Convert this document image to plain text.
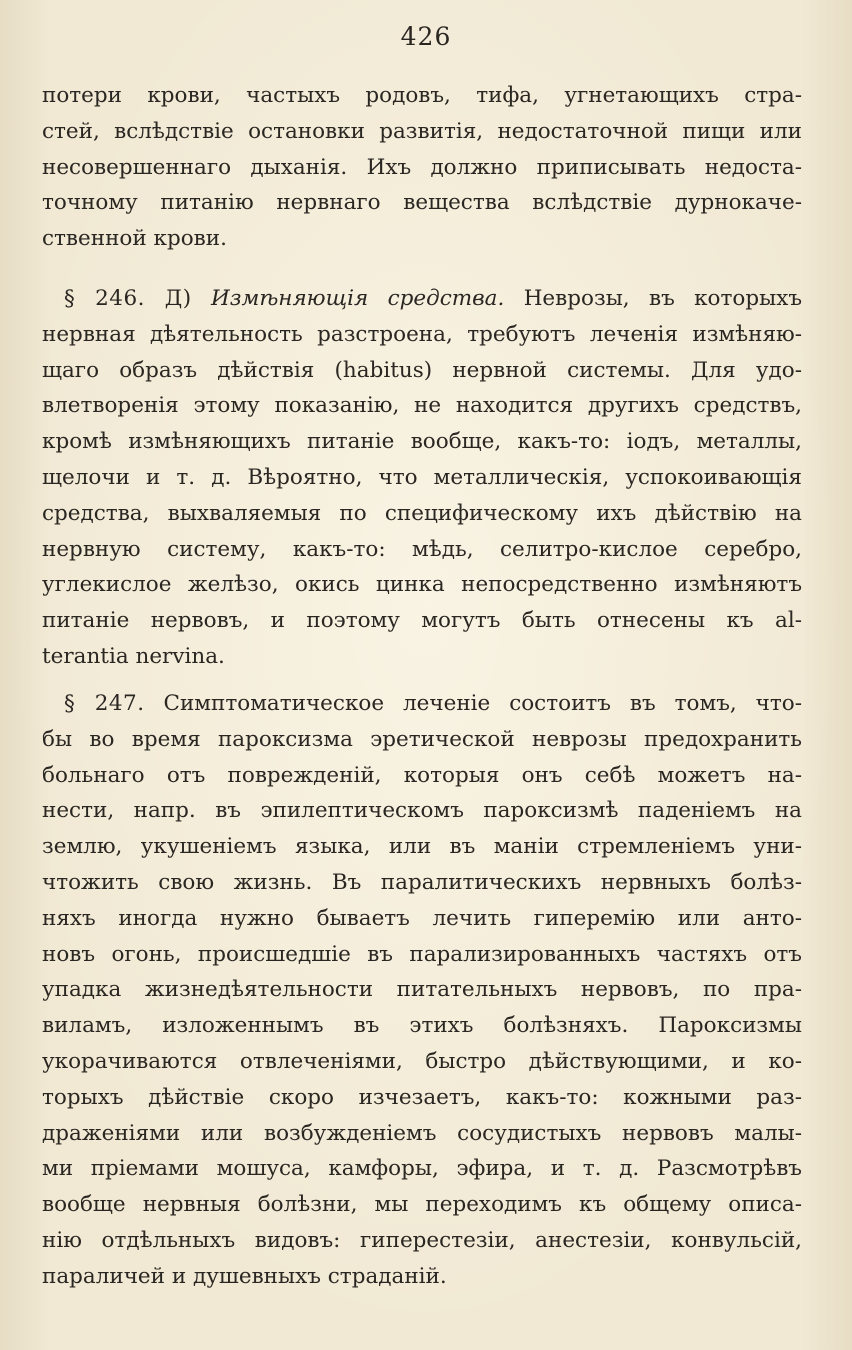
426
потери крови, частыхъ родовъ, тифа, угнетающихъ стра-
стей, вслѣдствіе остановки развитія, недостаточной пищи или
несовершеннаго дыханія. Ихъ должно приписывать недоста-
точному питанію нервнаго вещества вслѣдствіе дурнокаче-
ственной крови.
§ 246. Д) Измѣняющія средства. Неврозы, въ которыхъ
нервная дѣятельность разстроена, требуютъ леченія измѣняю-
щаго образъ дѣйствія (habitus) нервной системы. Для удо-
влетворенія этому показанію, не находится другихъ средствъ,
кромѣ измѣняющихъ питаніе вообще, какъ-то: іодъ, металлы,
щелочи и т. д. Вѣроятно, что металлическія, успокоивающія
средства, выхваляемыя по специфическому ихъ дѣйствію на
нервную систему, какъ-то: мѣдь, селитро-кислое серебро,
углекислое желѣзо, окись цинка непосредственно измѣняютъ
питаніе нервовъ, и поэтому могутъ быть отнесены къ al-
terantia nervina.
§ 247. Симптоматическое леченіе состоитъ въ томъ, что-
бы во время пароксизма эретической неврозы предохранить
больнаго отъ поврежденій, которыя онъ себѣ можетъ на-
нести, напр. въ эпилептическомъ пароксизмѣ паденіемъ на
землю, укушеніемъ языка, или въ маніи стремленіемъ уни-
чтожить свою жизнь. Въ паралитическихъ нервныхъ болѣз-
няхъ иногда нужно бываетъ лечить гиперемію или анто-
новъ огонь, происшедшіе въ парализированныхъ частяхъ отъ
упадка жизнедѣятельности питательныхъ нервовъ, по пра-
виламъ, изложеннымъ въ этихъ болѣзняхъ. Пароксизмы
укорачиваются отвлеченіями, быстро дѣйствующими, и ко-
торыхъ дѣйствіе скоро изчезаетъ, какъ-то: кожными раз-
драженіями или возбужденіемъ сосудистыхъ нервовъ малы-
ми пріемами мошуса, камфоры, эфира, и т. д. Разсмотрѣвъ
вообще нервныя болѣзни, мы переходимъ къ общему описа-
нію отдѣльныхъ видовъ: гиперестезіи, анестезіи, конвульсій,
параличей и душевныхъ страданій.
